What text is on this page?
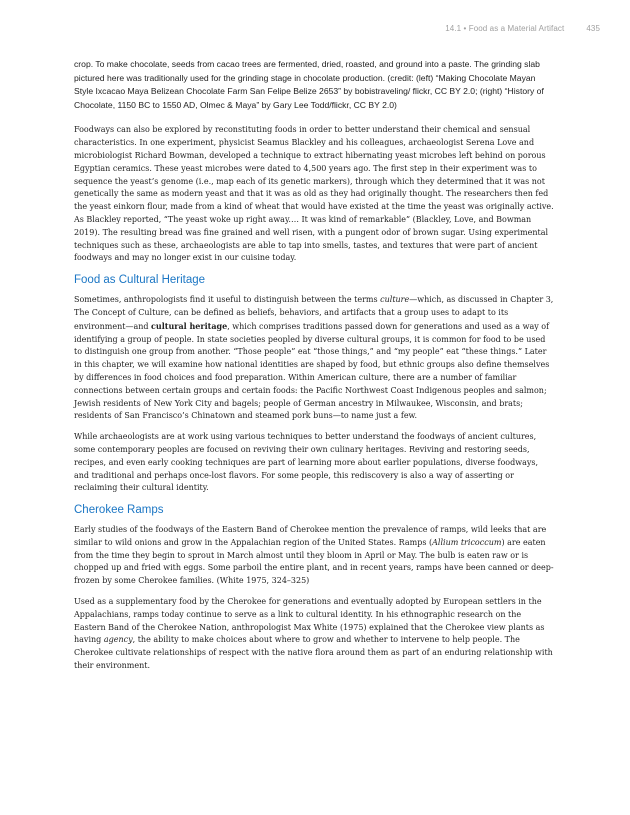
14.1 • Food as a Material Artifact	435

crop. To make chocolate, seeds from cacao trees are fermented, dried, roasted, and ground into a paste. The grinding slab pictured here was traditionally used for the grinding stage in chocolate production. (credit: (left) “Making Chocolate Mayan Style Ixcacao Maya Belizean Chocolate Farm San Felipe Belize 2653” by bobistraveling/ flickr, CC BY 2.0; (right) “History of Chocolate, 1150 BC to 1550 AD, Olmec & Maya” by Gary Lee Todd/flickr, CC BY 2.0)

Foodways can also be explored by reconstituting foods in order to better understand their chemical and sensual characteristics. In one experiment, physicist Seamus Blackley and his colleagues, archaeologist Serena Love and microbiologist Richard Bowman, developed a technique to extract hibernating yeast microbes left behind on porous Egyptian ceramics. These yeast microbes were dated to 4,500 years ago. The first step in their experiment was to sequence the yeast’s genome (i.e., map each of its genetic markers), through which they determined that it was not genetically the same as modern yeast and that it was as old as they had originally thought. The researchers then fed the yeast einkorn flour, made from a kind of wheat that would have existed at the time the yeast was originally active. As Blackley reported, “The yeast woke up right away.… It was kind of remarkable” (Blackley, Love, and Bowman 2019). The resulting bread was fine grained and well risen, with a pungent odor of brown sugar. Using experimental techniques such as these, archaeologists are able to tap into smells, tastes, and textures that were part of ancient foodways and may no longer exist in our cuisine today.

Food as Cultural Heritage

Sometimes, anthropologists find it useful to distinguish between the terms culture—which, as discussed in Chapter 3, The Concept of Culture, can be defined as beliefs, behaviors, and artifacts that a group uses to adapt to its environment—and cultural heritage, which comprises traditions passed down for generations and used as a way of identifying a group of people. In state societies peopled by diverse cultural groups, it is common for food to be used to distinguish one group from another. “Those people” eat “those things,” and “my people” eat “these things.” Later in this chapter, we will examine how national identities are shaped by food, but ethnic groups also define themselves by differences in food choices and food preparation. Within American culture, there are a number of familiar connections between certain groups and certain foods: the Pacific Northwest Coast Indigenous peoples and salmon; Jewish residents of New York City and bagels; people of German ancestry in Milwaukee, Wisconsin, and brats; residents of San Francisco’s Chinatown and steamed pork buns—to name just a few.

While archaeologists are at work using various techniques to better understand the foodways of ancient cultures, some contemporary peoples are focused on reviving their own culinary heritages. Reviving and restoring seeds, recipes, and even early cooking techniques are part of learning more about earlier populations, diverse foodways, and traditional and perhaps once-lost flavors. For some people, this rediscovery is also a way of asserting or reclaiming their cultural identity.

Cherokee Ramps

Early studies of the foodways of the Eastern Band of Cherokee mention the prevalence of ramps, wild leeks that are similar to wild onions and grow in the Appalachian region of the United States. Ramps (Allium tricoccum) are eaten from the time they begin to sprout in March almost until they bloom in April or May. The bulb is eaten raw or is chopped up and fried with eggs. Some parboil the entire plant, and in recent years, ramps have been canned or deep-frozen by some Cherokee families. (White 1975, 324–325)

Used as a supplementary food by the Cherokee for generations and eventually adopted by European settlers in the Appalachians, ramps today continue to serve as a link to cultural identity. In his ethnographic research on the Eastern Band of the Cherokee Nation, anthropologist Max White (1975) explained that the Cherokee view plants as having agency, the ability to make choices about where to grow and whether to intervene to help people. The Cherokee cultivate relationships of respect with the native flora around them as part of an enduring relationship with their environment.
